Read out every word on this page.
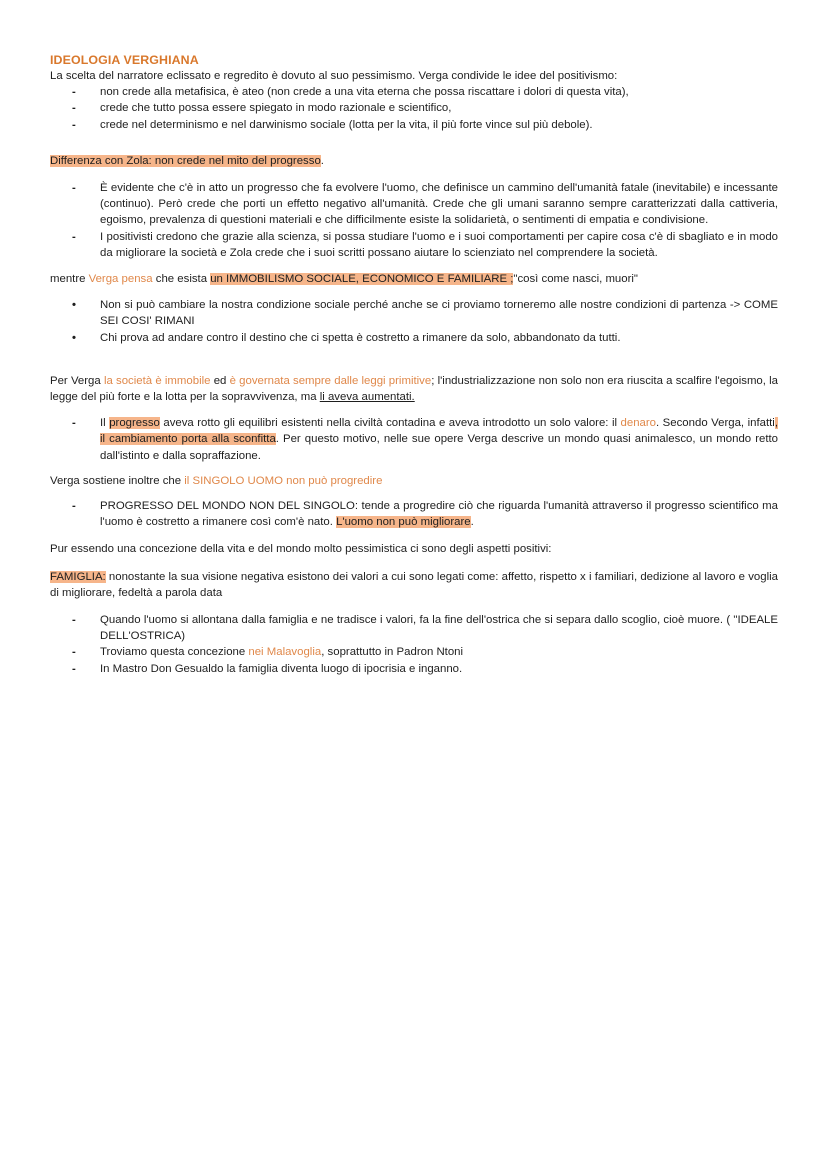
IDEOLOGIA VERGHIANA

La scelta del narratore eclissato e regredito è dovuto al suo pessimismo. Verga condivide le idee del positivismo:

- non crede alla metafisica, è ateo (non crede a una vita eterna che possa riscattare i dolori di questa vita),
- crede che tutto possa essere spiegato in modo razionale e scientifico,
- crede nel determinismo e nel darwinismo sociale (lotta per la vita, il più forte vince sul più debole).

Differenza con Zola: non crede nel mito del progresso.

- È evidente che c'è in atto un progresso che fa evolvere l'uomo, che definisce un cammino dell'umanità fatale (inevitabile) e incessante (continuo). Però crede che porti un effetto negativo all'umanità. Crede che gli umani saranno sempre caratterizzati dalla cattiveria, egoismo, prevalenza di questioni materiali e che difficilmente esiste la solidarietà, o sentimenti di empatia e condivisione.
- I positivisti credono che grazie alla scienza, si possa studiare l'uomo e i suoi comportamenti per capire cosa c'è di sbagliato e in modo da migliorare la società e Zola crede che i suoi scritti possano aiutare lo scienziato nel comprendere la società.

mentre Verga pensa che esista un IMMOBILISMO SOCIALE, ECONOMICO E FAMILIARE ;"così come nasci, muori"

• Non si può cambiare la nostra condizione sociale perché anche se ci proviamo torneremo alle nostre condizioni di partenza -> COME SEI COSI' RIMANI
• Chi prova ad andare contro il destino che ci spetta è costretto a rimanere da solo, abbandonato da tutti.

Per Verga la società è immobile ed è governata sempre dalle leggi primitive; l'industrializzazione non solo non era riuscita a scalfire l'egoismo, la legge del più forte e la lotta per la sopravvivenza, ma li aveva aumentati.

- Il progresso aveva rotto gli equilibri esistenti nella civiltà contadina e aveva introdotto un solo valore: il denaro. Secondo Verga, infatti, il cambiamento porta alla sconfitta. Per questo motivo, nelle sue opere Verga descrive un mondo quasi animalesco, un mondo retto dall'istinto e dalla sopraffazione.

Verga sostiene inoltre che il SINGOLO UOMO non può progredire

- PROGRESSO DEL MONDO NON DEL SINGOLO: tende a progredire ciò che riguarda l'umanità attraverso il progresso scientifico ma l'uomo è costretto a rimanere così com'è nato. L'uomo non può migliorare.

Pur essendo una concezione della vita e del mondo molto pessimistica ci sono degli aspetti positivi:

FAMIGLIA: nonostante la sua visione negativa esistono dei valori a cui sono legati come: affetto, rispetto x i familiari, dedizione al lavoro e voglia di migliorare, fedeltà a parola data

- Quando l'uomo si allontana dalla famiglia e ne tradisce i valori, fa la fine dell'ostrica che si separa dallo scoglio, cioè muore. ( "IDEALE DELL'OSTRICA)
- Troviamo questa concezione nei Malavoglia, soprattutto in Padron Ntoni
- In Mastro Don Gesualdo la famiglia diventa luogo di ipocrisia e inganno.
